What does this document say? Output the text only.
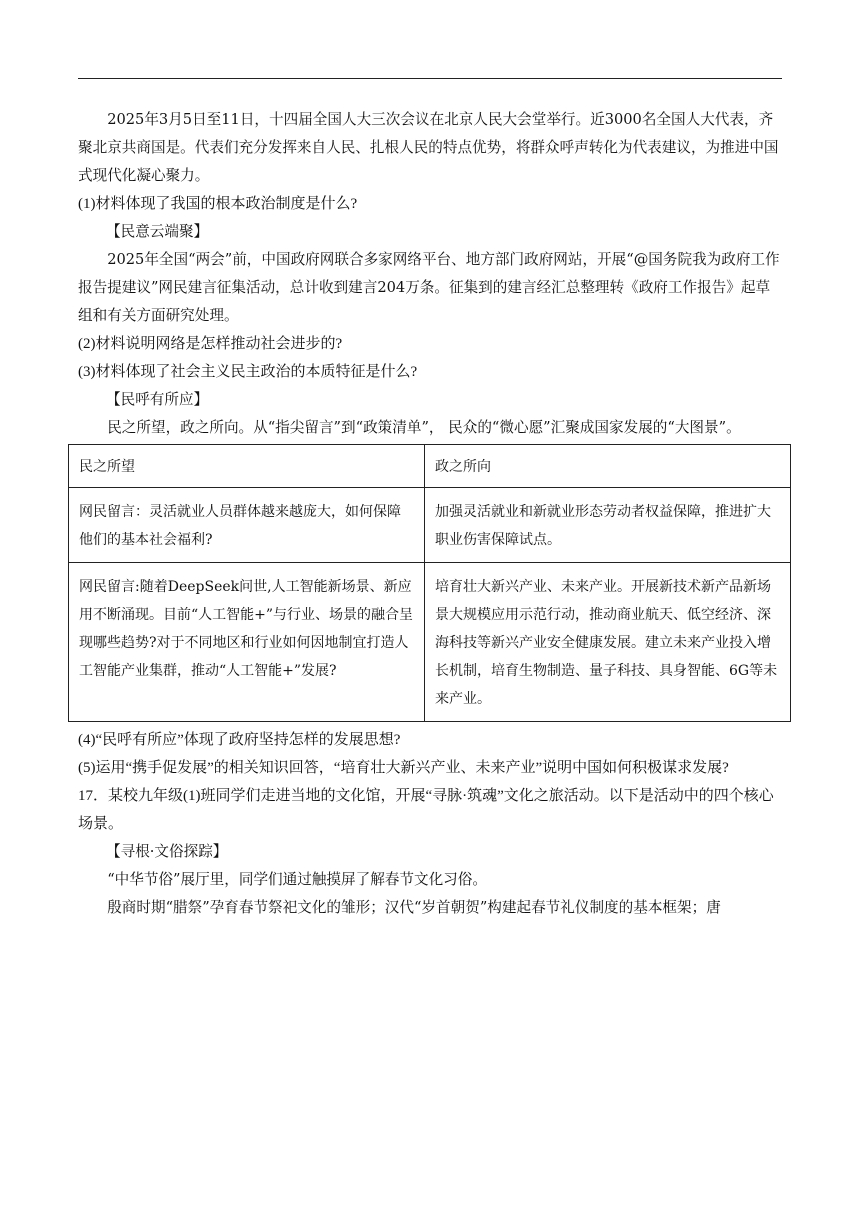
2025年3月5日至11日，十四届全国人大三次会议在北京人民大会堂举行。近3000名全国人大代表，齐聚北京共商国是。代表们充分发挥来自人民、扎根人民的特点优势，将群众呼声转化为代表建议，为推进中国式现代化凝心聚力。

(1)材料体现了我国的根本政治制度是什么?

【民意云端聚】

2025年全国“两会”前，中国政府网联合多家网络平台、地方部门政府网站，开展“@国务院我为政府工作报告提建议”网民建言征集活动，总计收到建言204万条。征集到的建言经汇总整理转《政府工作报告》起草组和有关方面研究处理。

(2)材料说明网络是怎样推动社会进步的?

(3)材料体现了社会主义民主政治的本质特征是什么?

【民呼有所应】

民之所望，政之所向。从“指尖留言”到“政策清单”， 民众的“微心愿”汇聚成国家发展的“大图景”。

民之所望	政之所向
网民留言：灵活就业人员群体越来越庞大，如何保障他们的基本社会福利?	加强灵活就业和新就业形态劳动者权益保障，推进扩大职业伤害保障试点。
网民留言:随着DeepSeek问世,人工智能新场景、新应用不断涌现。目前“人工智能+”与行业、场景的融合呈现哪些趋势?对于不同地区和行业如何因地制宜打造人工智能产业集群，推动“人工智能+”发展?	培育壮大新兴产业、未来产业。开展新技术新产品新场景大规模应用示范行动，推动商业航天、低空经济、深海科技等新兴产业安全健康发展。建立未来产业投入增长机制，培育生物制造、量子科技、具身智能、6G等未来产业。

(4)“民呼有所应”体现了政府坚持怎样的发展思想?

(5)运用“携手促发展”的相关知识回答，“培育壮大新兴产业、未来产业”说明中国如何积极谋求发展?

17．某校九年级(1)班同学们走进当地的文化馆，开展“寻脉·筑魂”文化之旅活动。以下是活动中的四个核心场景。

【寻根·文俗探踪】

“中华节俗”展厅里，同学们通过触摸屏了解春节文化习俗。

殷商时期“腊祭”孕育春节祭祀文化的雏形；汉代“岁首朝贺”构建起春节礼仪制度的基本框架；唐
